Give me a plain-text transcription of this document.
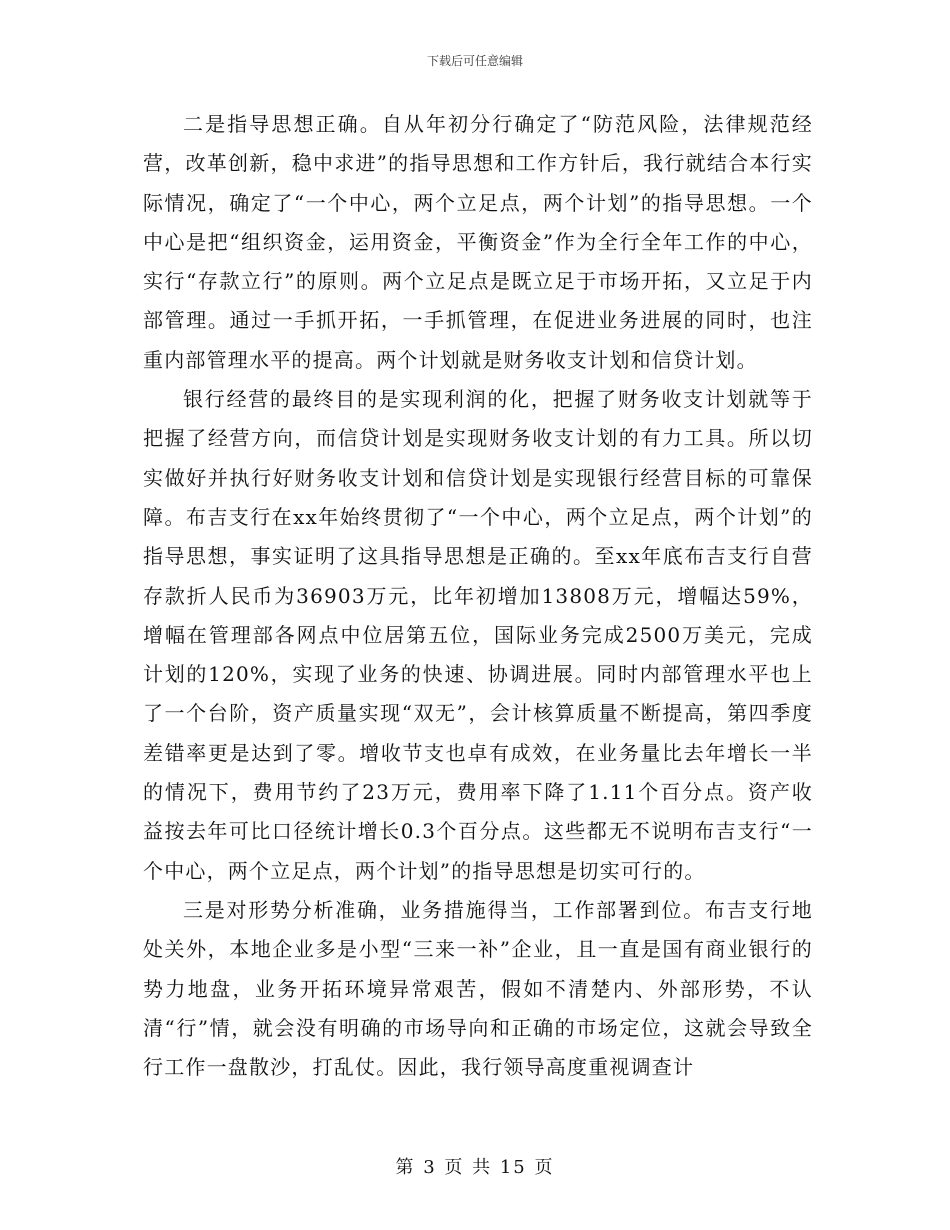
下载后可任意编辑

二是指导思想正确。自从年初分行确定了“防范风险，法律规范经营，改革创新，稳中求进”的指导思想和工作方针后，我行就结合本行实际情况，确定了“一个中心，两个立足点，两个计划”的指导思想。一个中心是把“组织资金，运用资金，平衡资金”作为全行全年工作的中心，实行“存款立行”的原则。两个立足点是既立足于市场开拓，又立足于内部管理。通过一手抓开拓，一手抓管理，在促进业务进展的同时，也注重内部管理水平的提高。两个计划就是财务收支计划和信贷计划。

银行经营的最终目的是实现利润的化，把握了财务收支计划就等于把握了经营方向，而信贷计划是实现财务收支计划的有力工具。所以切实做好并执行好财务收支计划和信贷计划是实现银行经营目标的可靠保障。布吉支行在xx年始终贯彻了“一个中心，两个立足点，两个计划”的指导思想，事实证明了这具指导思想是正确的。至xx年底布吉支行自营存款折人民币为36903万元，比年初增加13808万元，增幅达59%，增幅在管理部各网点中位居第五位，国际业务完成2500万美元，完成计划的120%，实现了业务的快速、协调进展。同时内部管理水平也上了一个台阶，资产质量实现“双无”，会计核算质量不断提高，第四季度差错率更是达到了零。增收节支也卓有成效，在业务量比去年增长一半的情况下，费用节约了23万元，费用率下降了1.11个百分点。资产收益按去年可比口径统计增长0.3个百分点。这些都无不说明布吉支行“一个中心，两个立足点，两个计划”的指导思想是切实可行的。

三是对形势分析准确，业务措施得当，工作部署到位。布吉支行地处关外，本地企业多是小型“三来一补”企业，且一直是国有商业银行的势力地盘，业务开拓环境异常艰苦，假如不清楚内、外部形势，不认清“行”情，就会没有明确的市场导向和正确的市场定位，这就会导致全行工作一盘散沙，打乱仗。因此，我行领导高度重视调查计

第 3 页 共 15 页
